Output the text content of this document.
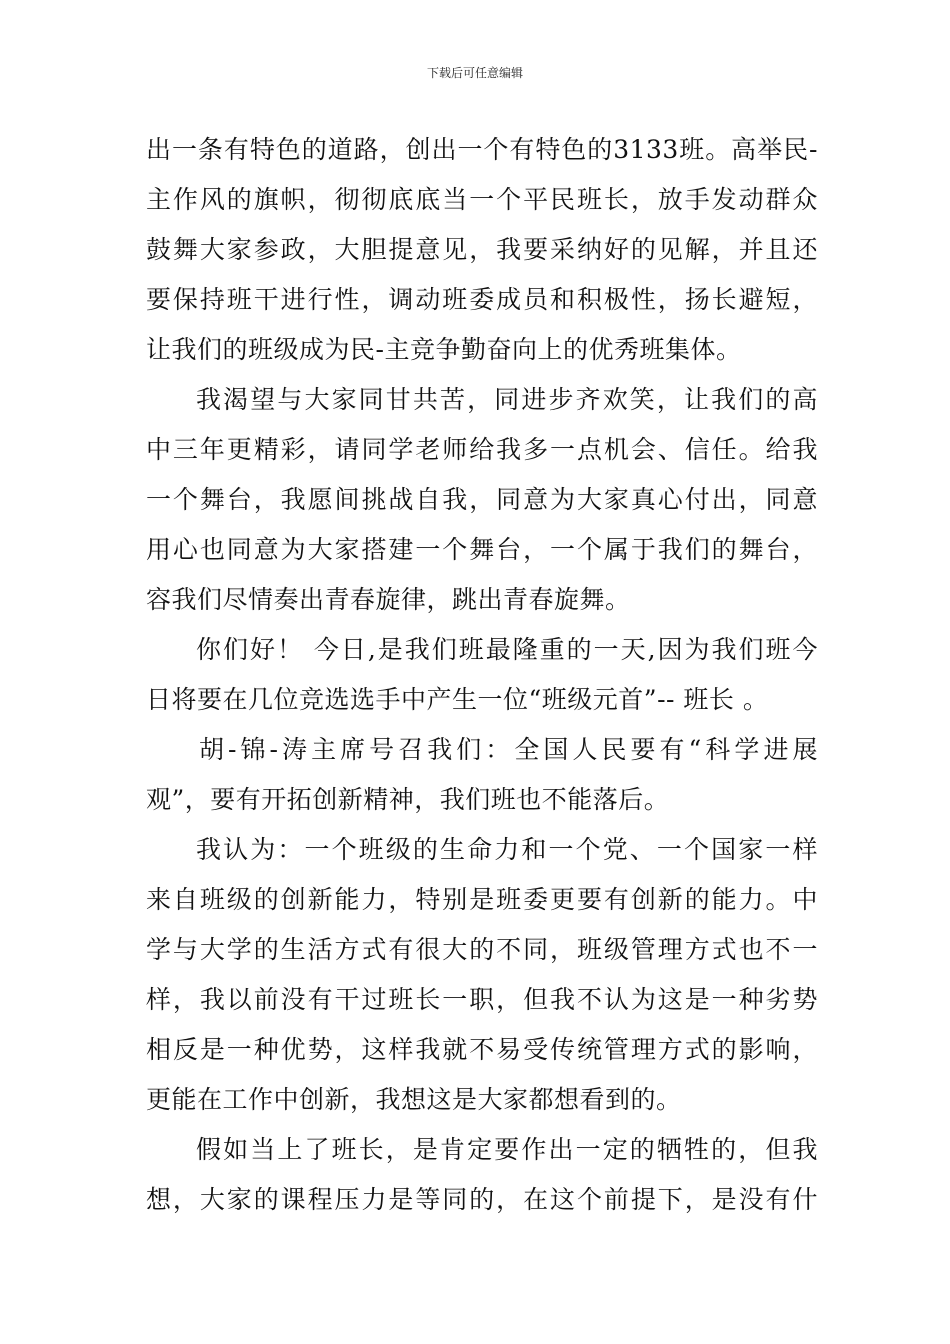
下载后可任意编辑
出一条有特色的道路，创出一个有特色的3133班。高举民-
主作风的旗帜，彻彻底底当一个平民班长，放手发动群众
鼓舞大家参政，大胆提意见，我要采纳好的见解，并且还
要保持班干进行性，调动班委成员和积极性，扬长避短，
让我们的班级成为民-主竞争勤奋向上的优秀班集体。
我渴望与大家同甘共苦，同进步齐欢笑，让我们的高
中三年更精彩，请同学老师给我多一点机会、信任。给我
一个舞台，我愿间挑战自我，同意为大家真心付出，同意
用心也同意为大家搭建一个舞台，一个属于我们的舞台，
容我们尽情奏出青春旋律，跳出青春旋舞。
你们好！ 今日,是我们班最隆重的一天,因为我们班今
日将要在几位竞选选手中产生一位“班级元首”-- 班长 。
胡-锦-涛主席号召我们：全国人民要有“科学进展
观”，要有开拓创新精神，我们班也不能落后。
我认为：一个班级的生命力和一个党、一个国家一样
来自班级的创新能力，特别是班委更要有创新的能力。中
学与大学的生活方式有很大的不同，班级管理方式也不一
样，我以前没有干过班长一职，但我不认为这是一种劣势
相反是一种优势，这样我就不易受传统管理方式的影响，
更能在工作中创新，我想这是大家都想看到的。
假如当上了班长，是肯定要作出一定的牺牲的，但我
想，大家的课程压力是等同的，在这个前提下，是没有什
